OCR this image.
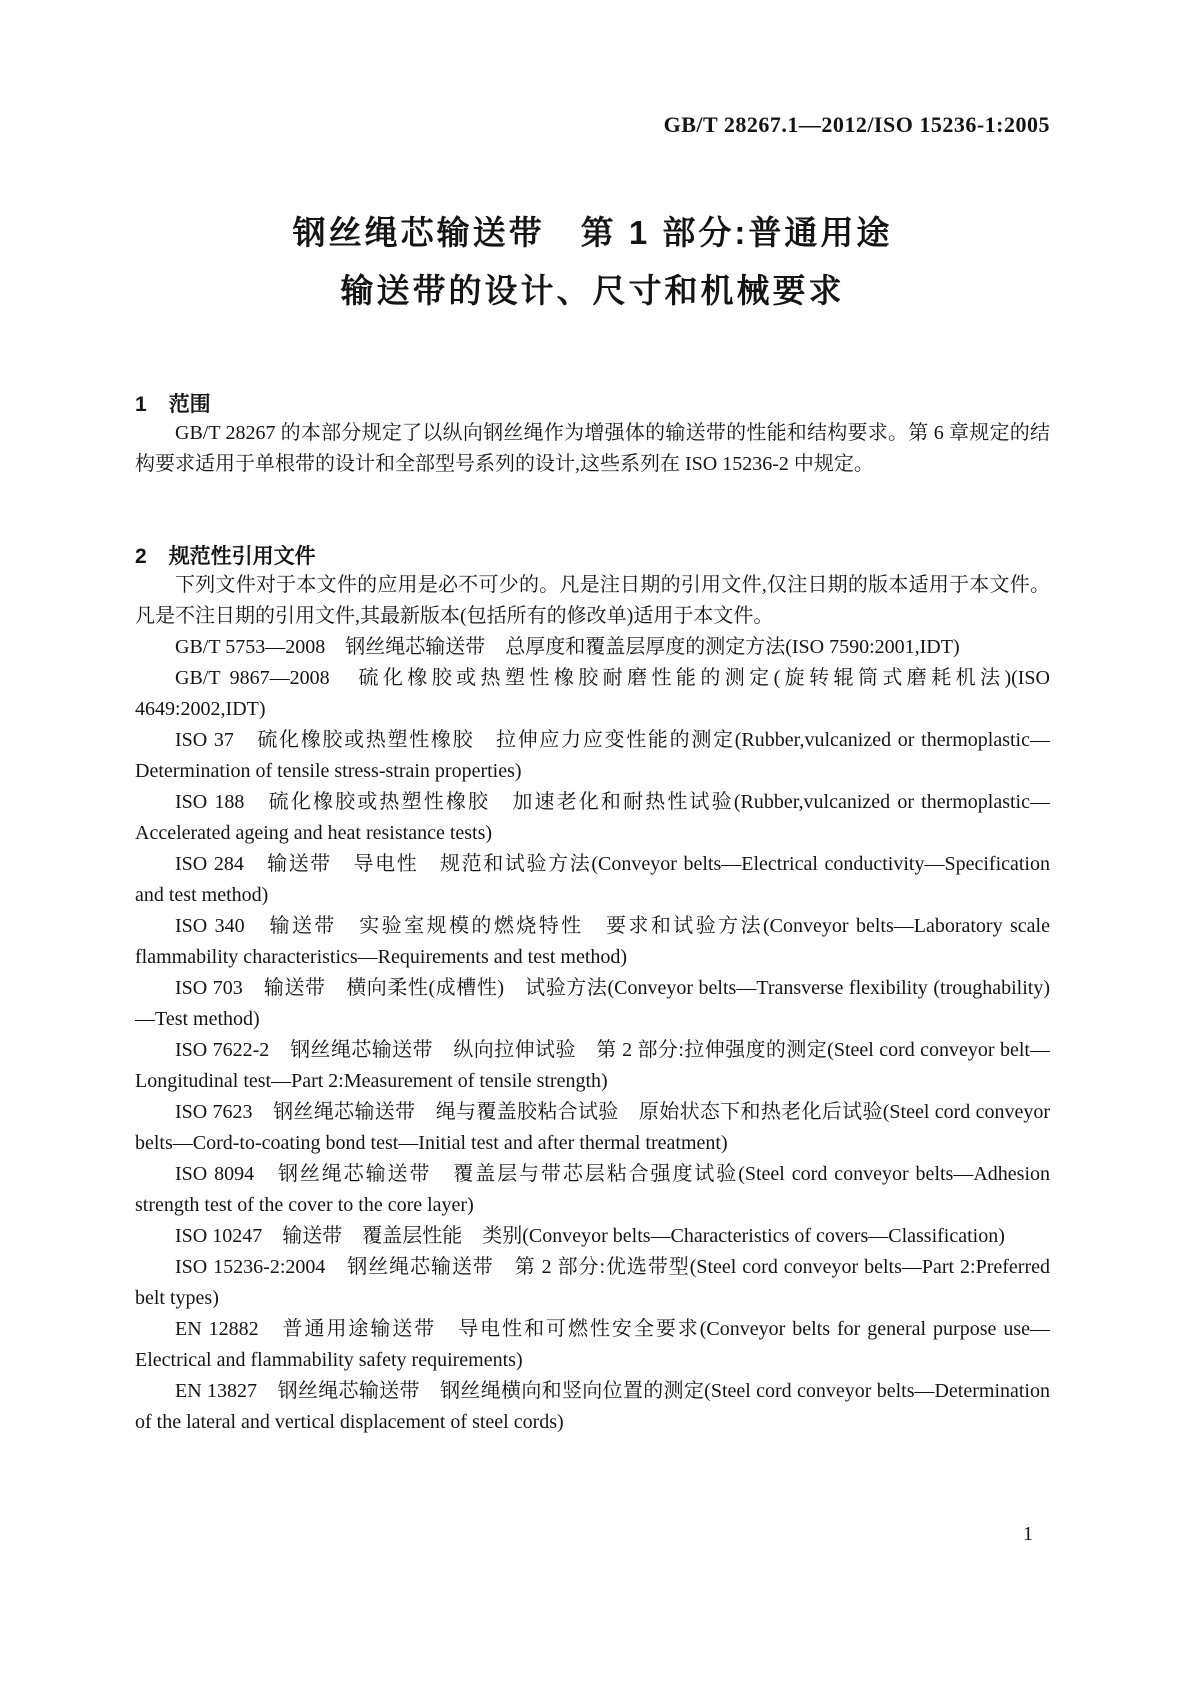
GB/T 28267.1—2012/ISO 15236-1:2005
钢丝绳芯输送带　第 1 部分:普通用途
输送带的设计、尺寸和机械要求
1 范围

GB/T 28267 的本部分规定了以纵向钢丝绳作为增强体的输送带的性能和结构要求。第 6 章规定的结构要求适用于单根带的设计和全部型号系列的设计,这些系列在 ISO 15236-2 中规定。

2 规范性引用文件

下列文件对于本文件的应用是必不可少的。凡是注日期的引用文件,仅注日期的版本适用于本文件。凡是不注日期的引用文件,其最新版本(包括所有的修改单)适用于本文件。

GB/T 5753—2008　钢丝绳芯输送带　总厚度和覆盖层厚度的测定方法(ISO 7590:2001,IDT)

GB/T 9867—2008　硫化橡胶或热塑性橡胶耐磨性能的测定(旋转辊筒式磨耗机法)(ISO 4649:2002,IDT)

ISO 37　硫化橡胶或热塑性橡胶　拉伸应力应变性能的测定(Rubber,vulcanized or thermoplastic—Determination of tensile stress-strain properties)

ISO 188　硫化橡胶或热塑性橡胶　加速老化和耐热性试验(Rubber,vulcanized or thermoplastic—Accelerated ageing and heat resistance tests)

ISO 284　输送带　导电性　规范和试验方法(Conveyor belts—Electrical conductivity—Specification and test method)

ISO 340　输送带　实验室规模的燃烧特性　要求和试验方法(Conveyor belts—Laboratory scale flammability characteristics—Requirements and test method)

ISO 703　输送带　横向柔性(成槽性)　试验方法(Conveyor belts—Transverse flexibility (troughability)—Test method)

ISO 7622-2　钢丝绳芯输送带　纵向拉伸试验　第 2 部分:拉伸强度的测定(Steel cord conveyor belt—Longitudinal test—Part 2:Measurement of tensile strength)

ISO 7623　钢丝绳芯输送带　绳与覆盖胶粘合试验　原始状态下和热老化后试验(Steel cord conveyor belts—Cord-to-coating bond test—Initial test and after thermal treatment)

ISO 8094　钢丝绳芯输送带　覆盖层与带芯层粘合强度试验(Steel cord conveyor belts—Adhesion strength test of the cover to the core layer)

ISO 10247　输送带　覆盖层性能　类别(Conveyor belts—Characteristics of covers—Classification)

ISO 15236-2:2004　钢丝绳芯输送带　第 2 部分:优选带型(Steel cord conveyor belts—Part 2:Preferred belt types)

EN 12882　普通用途输送带　导电性和可燃性安全要求(Conveyor belts for general purpose use—Electrical and flammability safety requirements)

EN 13827　钢丝绳芯输送带　钢丝绳横向和竖向位置的测定(Steel cord conveyor belts—Determination of the lateral and vertical displacement of steel cords)

1
